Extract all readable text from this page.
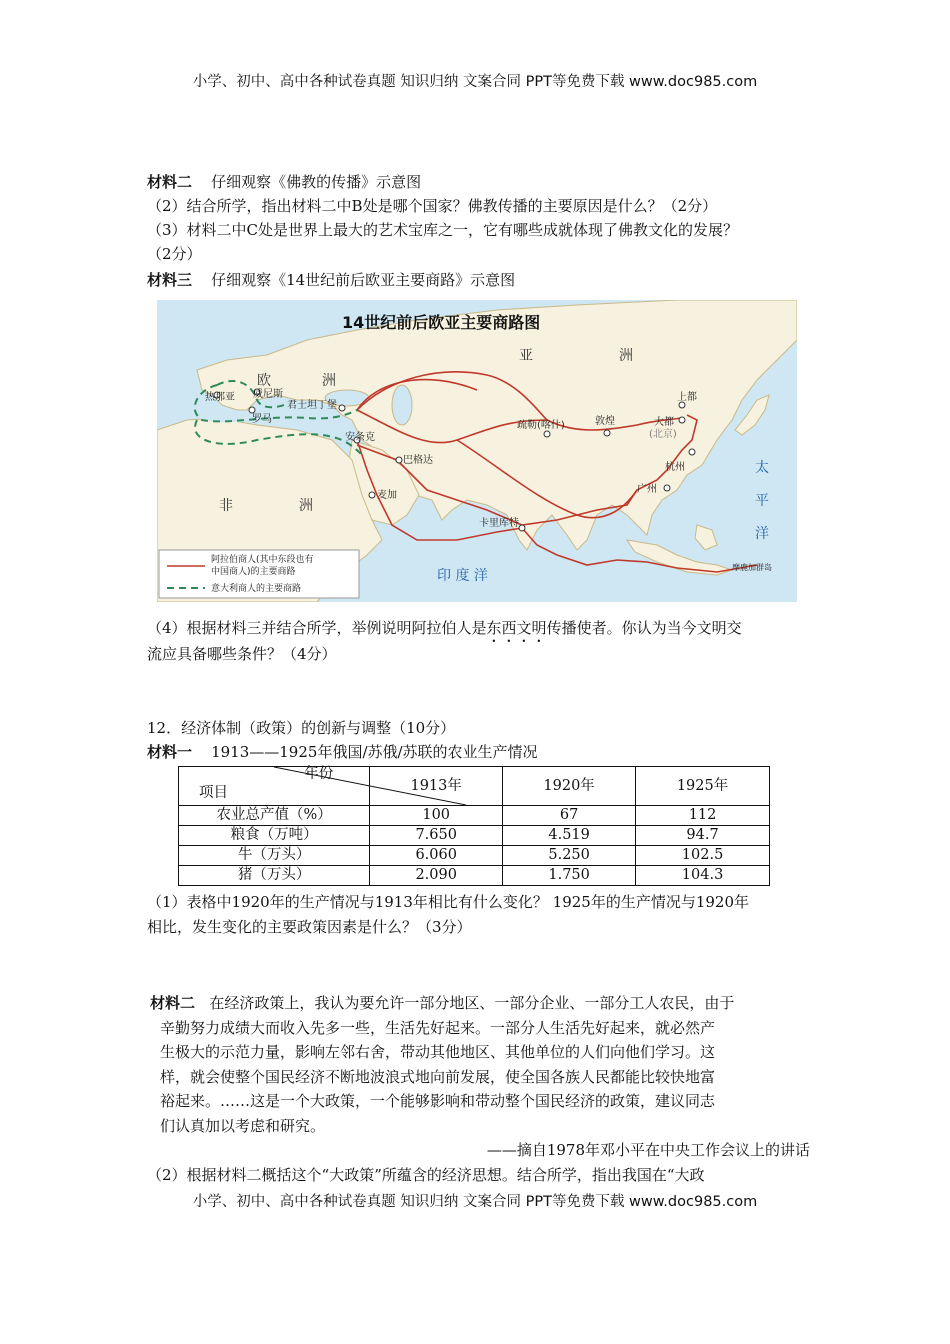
小学、初中、高中各种试卷真题 知识归纳 文案合同 PPT等免费下载 www.doc985.com
材料二 仔细观察《佛教的传播》示意图
（2）结合所学，指出材料二中B处是哪个国家？佛教传播的主要原因是什么？（2分）
（3）材料二中C处是世界上最大的艺术宝库之一，它有哪些成就体现了佛教文化的发展？
（2分）
材料三 仔细观察《14世纪前后欧亚主要商路》示意图
14世纪前后欧亚主要商路图
亚	洲
欧	洲
非	洲
太
平
洋
印 度 洋
热那亚 威尼斯
君士坦丁堡
罗马
安条克
巴格达
麦加
卡里库特
疏勒(喀什)	敦煌
上都
大都
(北京)
杭州
广州
摩鹿加群岛
阿拉伯商人(其中东段也有
中国商人)的主要商路
意大利商人的主要商路
（4）根据材料三并结合所学，举例说明阿拉伯人是东西文明传播使者。你认为当今文明交
流应具备哪些条件？（4分）
12．经济体制（政策）的创新与调整（10分）
材料一 1913——1925年俄国/苏俄/苏联的农业生产情况
年份
项目	1913年	1920年	1925年
农业总产值（%）	100	67	112
粮食（万吨）	7.650	4.519	94.7
牛（万头）	6.060	5.250	102.5
猪（万头）	2.090	1.750	104.3
（1）表格中1920年的生产情况与1913年相比有什么变化？ 1925年的生产情况与1920年
相比，发生变化的主要政策因素是什么？（3分）

材料二 在经济政策上，我认为要允许一部分地区、一部分企业、一部分工人农民，由于

辛勤努力成绩大而收入先多一些，生活先好起来。一部分人生活先好起来，就必然产

生极大的示范力量，影响左邻右舍，带动其他地区、其他单位的人们向他们学习。这

样，就会使整个国民经济不断地波浪式地向前发展，使全国各族人民都能比较快地富

裕起来。……这是一个大政策，一个能够影响和带动整个国民经济的政策，建议同志

们认真加以考虑和研究。

——摘自1978年邓小平在中央工作会议上的讲话

（2）根据材料二概括这个“大政策”所蕴含的经济思想。结合所学，指出我国在“大政
小学、初中、高中各种试卷真题 知识归纳 文案合同 PPT等免费下载 www.doc985.com
